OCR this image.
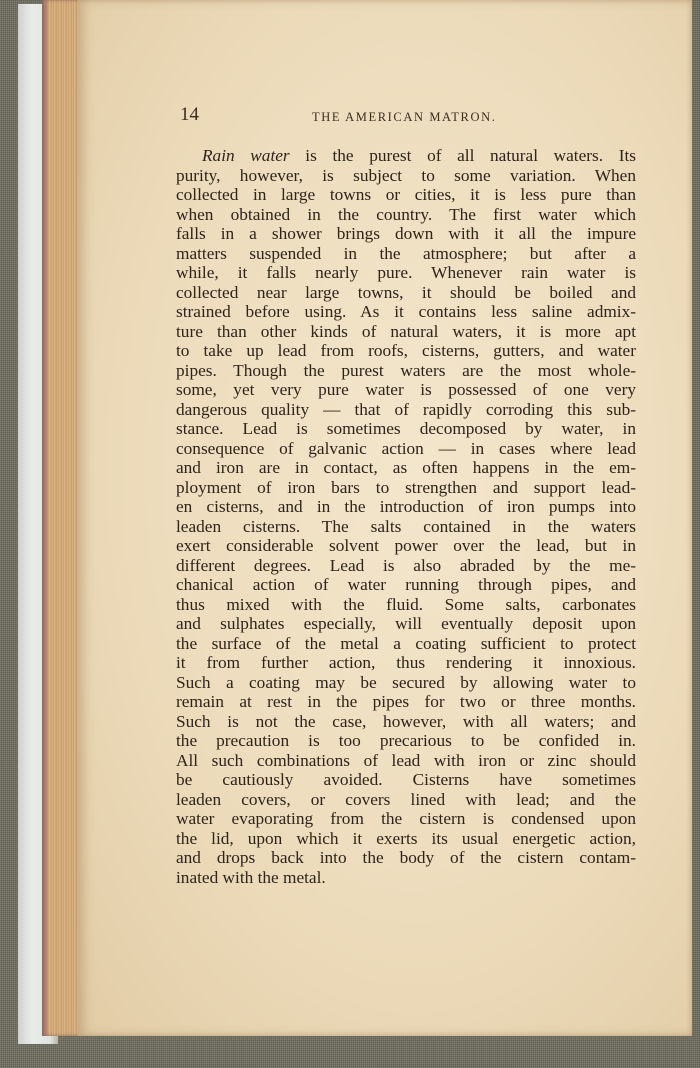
14	THE AMERICAN MATRON.

Rain water is the purest of all natural waters. Its
purity, however, is subject to some variation. When
collected in large towns or cities, it is less pure than
when obtained in the country. The first water which
falls in a shower brings down with it all the impure
matters suspended in the atmosphere; but after a
while, it falls nearly pure. Whenever rain water is
collected near large towns, it should be boiled and
strained before using. As it contains less saline admix-
ture than other kinds of natural waters, it is more apt
to take up lead from roofs, cisterns, gutters, and water
pipes. Though the purest waters are the most whole-
some, yet very pure water is possessed of one very
dangerous quality — that of rapidly corroding this sub-
stance. Lead is sometimes decomposed by water, in
consequence of galvanic action — in cases where lead
and iron are in contact, as often happens in the em-
ployment of iron bars to strengthen and support lead-
en cisterns, and in the introduction of iron pumps into
leaden cisterns. The salts contained in the waters
exert considerable solvent power over the lead, but in
different degrees. Lead is also abraded by the me-
chanical action of water running through pipes, and
thus mixed with the fluid. Some salts, carbonates
and sulphates especially, will eventually deposit upon
the surface of the metal a coating sufficient to protect
it from further action, thus rendering it innoxious.
Such a coating may be secured by allowing water to
remain at rest in the pipes for two or three months.
Such is not the case, however, with all waters; and
the precaution is too precarious to be confided in.
All such combinations of lead with iron or zinc should
be cautiously avoided. Cisterns have sometimes
leaden covers, or covers lined with lead; and the
water evaporating from the cistern is condensed upon
the lid, upon which it exerts its usual energetic action,
and drops back into the body of the cistern contam-
inated with the metal.
